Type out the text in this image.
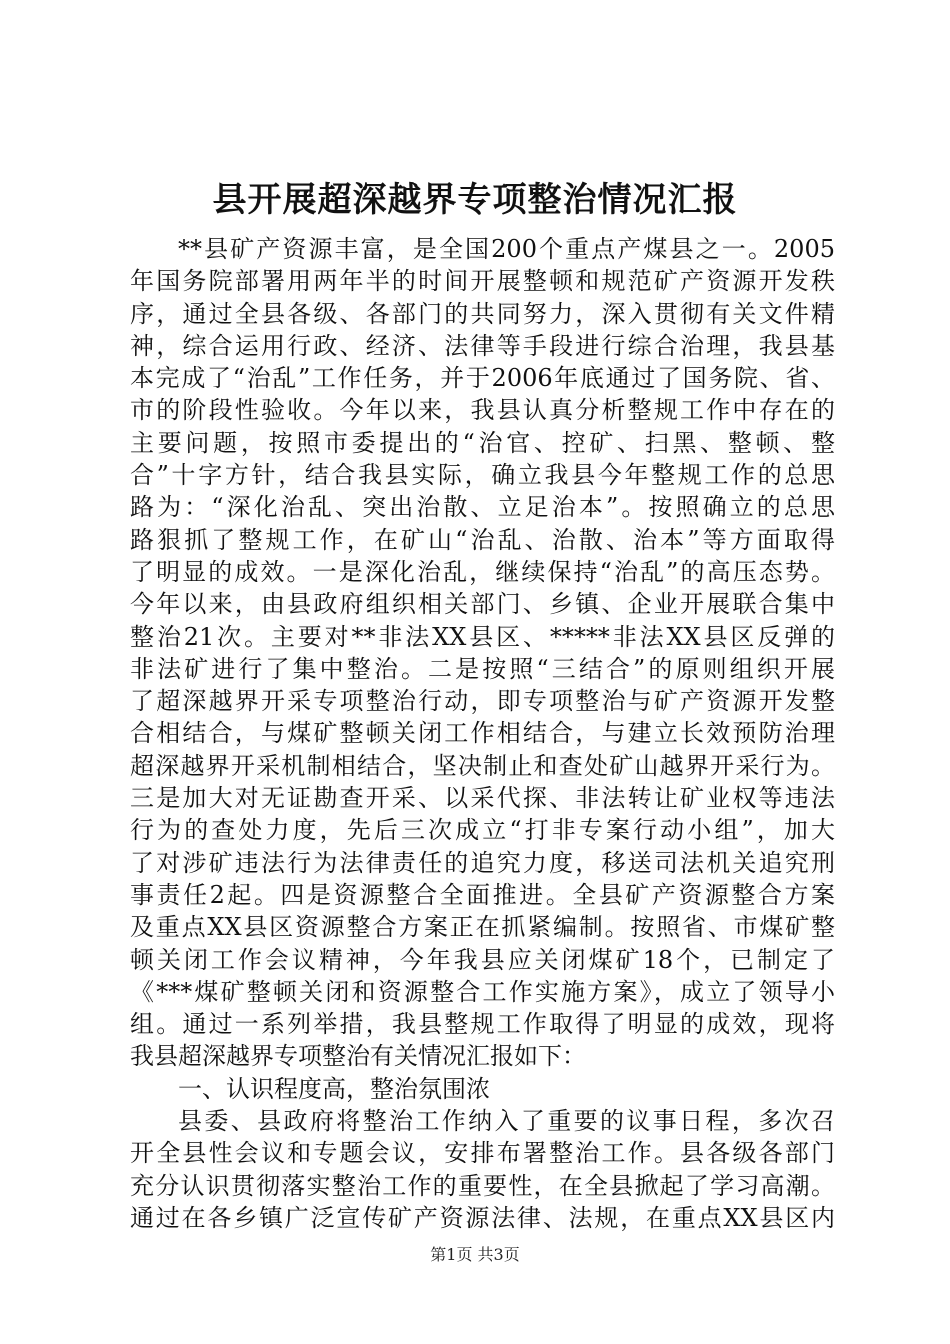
县开展超深越界专项整治情况汇报
**县矿产资源丰富，是全国200个重点产煤县之一。2005
年国务院部署用两年半的时间开展整顿和规范矿产资源开发秩
序，通过全县各级、各部门的共同努力，深入贯彻有关文件精
神，综合运用行政、经济、法律等手段进行综合治理，我县基
本完成了“治乱”工作任务，并于2006年底通过了国务院、省、
市的阶段性验收。今年以来，我县认真分析整规工作中存在的
主要问题，按照市委提出的“治官、控矿、扫黑、整顿、整
合”十字方针，结合我县实际，确立我县今年整规工作的总思
路为：“深化治乱、突出治散、立足治本”。按照确立的总思
路狠抓了整规工作，在矿山“治乱、治散、治本”等方面取得
了明显的成效。一是深化治乱，继续保持“治乱”的高压态势。
今年以来，由县政府组织相关部门、乡镇、企业开展联合集中
整治21次。主要对**非法XX县区、*****非法XX县区反弹的
非法矿进行了集中整治。二是按照“三结合”的原则组织开展
了超深越界开采专项整治行动，即专项整治与矿产资源开发整
合相结合，与煤矿整顿关闭工作相结合，与建立长效预防治理
超深越界开采机制相结合，坚决制止和查处矿山越界开采行为。
三是加大对无证勘查开采、以采代探、非法转让矿业权等违法
行为的查处力度，先后三次成立“打非专案行动小组”，加大
了对涉矿违法行为法律责任的追究力度，移送司法机关追究刑
事责任2起。四是资源整合全面推进。全县矿产资源整合方案
及重点XX县区资源整合方案正在抓紧编制。按照省、市煤矿整
顿关闭工作会议精神，今年我县应关闭煤矿18个，已制定了
《***煤矿整顿关闭和资源整合工作实施方案》，成立了领导小
组。通过一系列举措，我县整规工作取得了明显的成效，现将
我县超深越界专项整治有关情况汇报如下：
一、认识程度高，整治氛围浓
县委、县政府将整治工作纳入了重要的议事日程，多次召
开全县性会议和专题会议，安排布署整治工作。县各级各部门
充分认识贯彻落实整治工作的重要性，在全县掀起了学习高潮。
通过在各乡镇广泛宣传矿产资源法律、法规，在重点XX县区内
第1页 共3页
